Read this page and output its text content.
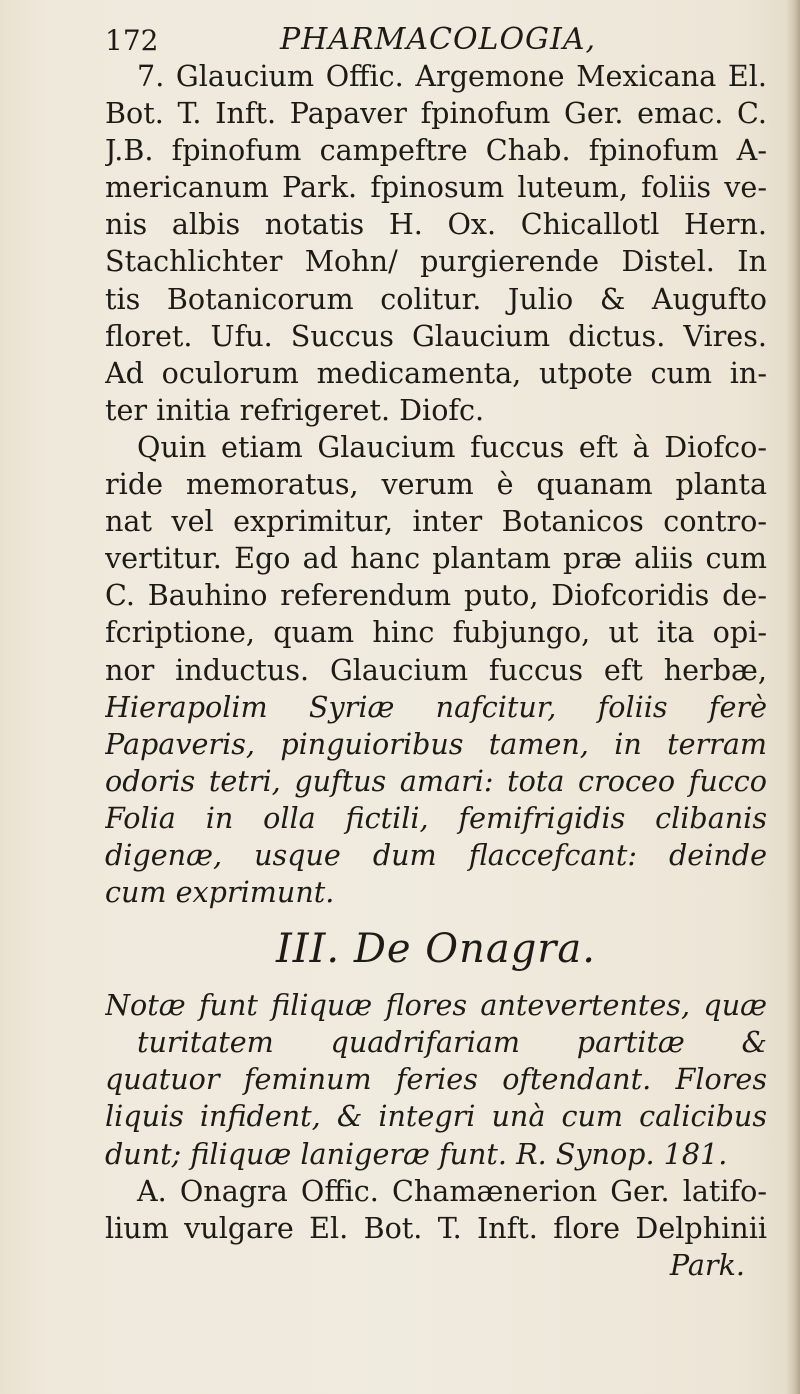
172	PHARMACOLOGIA,
7. Glaucium Offic. Argemone Mexicana El.
Bot. T. Inft. Papaver fpinofum Ger. emac. C.
J.B. fpinofum campeftre Chab. fpinofum A-
mericanum Park. fpinosum luteum, foliis ve-
nis albis notatis H. Ox. Chicallotl Hern.
Stachlichter Mohn/ purgierende Distel. In
tis Botanicorum colitur. Julio & Augufto
floret. Ufu. Succus Glaucium dictus. Vires.
Ad oculorum medicamenta, utpote cum in-
ter initia refrigeret. Diofc.
Quin etiam Glaucium fuccus eft à Diofco-
ride memoratus, verum è quanam planta
nat vel exprimitur, inter Botanicos contro-
vertitur. Ego ad hanc plantam præ aliis cum
C. Bauhino referendum puto, Diofcoridis de-
fcriptione, quam hinc fubjungo, ut ita opi-
nor inductus. Glaucium fuccus eft herbæ,
Hierapolim Syriæ nafcitur, foliis ferè
Papaveris, pinguioribus tamen, in terram
odoris tetri, guftus amari: tota croceo fucco
Folia in olla fictili, femifrigidis clibanis
digenæ, usque dum flaccefcant: deinde
cum exprimunt.
III. De Onagra.
Notæ funt filiquæ flores antevertentes, quæ
turitatem quadrifariam partitæ &
quatuor feminum feries oftendant. Flores
liquis infident, & integri unà cum calicibus
dunt; filiquæ lanigeræ funt. R. Synop. 181.
A. Onagra Offic. Chamænerion Ger. latifo-
lium vulgare El. Bot. T. Inft. flore Delphinii
Park.
